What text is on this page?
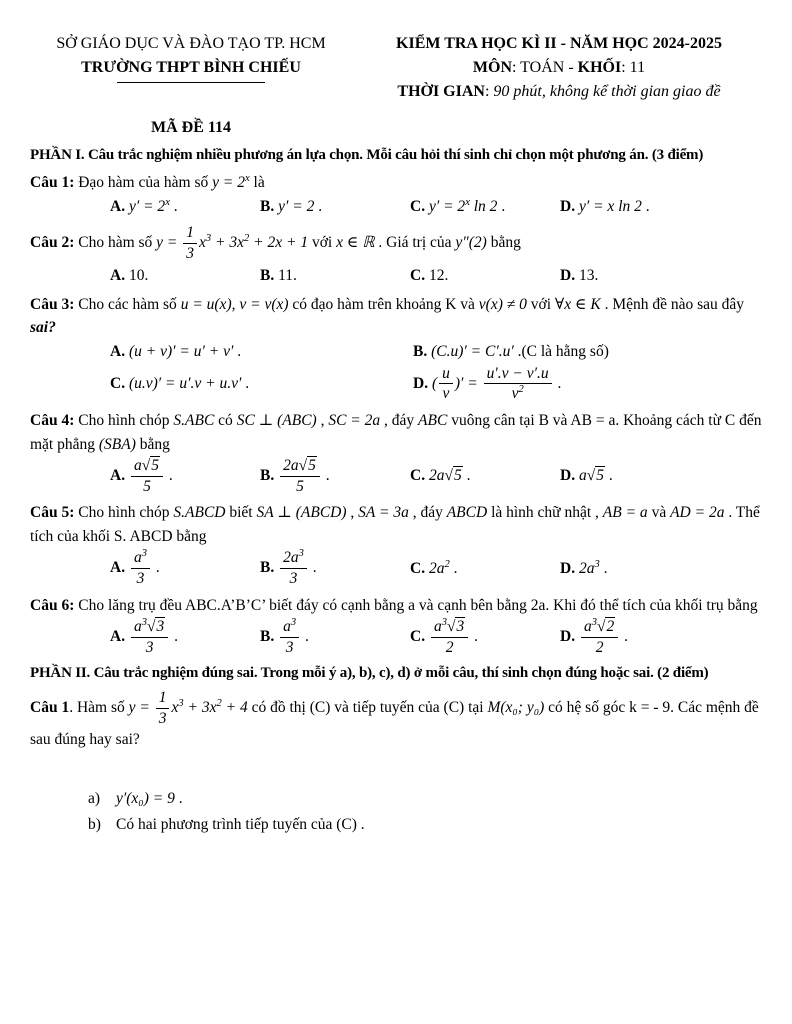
SỞ GIÁO DỤC VÀ ĐÀO TẠO TP. HCM
TRƯỜNG THPT BÌNH CHIẾU
KIỂM TRA HỌC KÌ II - NĂM HỌC 2024-2025
MÔN: TOÁN - KHỐI: 11
THỜI GIAN: 90 phút, không kể thời gian giao đề
MÃ ĐỀ 114
PHẦN I. Câu trắc nghiệm nhiều phương án lựa chọn. Mỗi câu hỏi thí sinh chỉ chọn một phương án. (3 điểm)
Câu 1: Đạo hàm của hàm số $y = 2^x$ là
A. $y' = 2^x$ .	B. y′ = 2 .	C. $y' = 2^x$ ln 2 .	D. y′ = x ln 2 .
Câu 2: Cho hàm số $y = \frac{1}{3} x^3 + 3x^2 + 2x + 1$ với x ∈ ℝ . Giá trị của y″(2) bằng
A. 10.	B. 11.	C. 12.	D. 13.
Câu 3: Cho các hàm số u = u(x), v = v(x) có đạo hàm trên khoảng K và v(x) ≠ 0 với ∀x ∈ K . Mệnh đề nào sau đây sai?
A. (u + v)′ = u′ + v′ .	B. (C.u)′ = C′.u′ .(C là hằng số)
C. (u.v)′ = u′.v + u.v′ .	D. ( $\frac{u}{v}$ )′ = $\frac{u'.v - v'.u}{v^2}$ .
Câu 4: Cho hình chóp S.ABC có SC ⊥ (ABC) , SC = 2a , đáy ABC vuông cân tại B và AB = a. Khoảng cách từ C đến mặt phẳng (SBA) bằng
A. $\frac{a√5}{5}$ .	B. $\frac{2a√5}{5}$ .	C. 2a√5 .	D. a√5 .
Câu 5: Cho hình chóp S.ABCD biết SA ⊥ (ABCD) , SA = 3a , đáy ABCD là hình chữ nhật , AB = a và AD = 2a . Thể tích của khối S. ABCD bằng
A. $\frac{a^3}{3}$ .	B. $\frac{2a^3}{3}$ .	C. $2a^2$ .	D. $2a^3$ .
Câu 6: Cho lăng trụ đều ABC.A’B’C’ biết đáy có cạnh bằng a và cạnh bên bằng 2a. Khi đó thể tích của khối trụ bằng
A. $\frac{a^3√3}{3}$ .	B. $\frac{a^3}{3}$ .	C. $\frac{a^3√3}{2}$ .	D. $\frac{a^3√2}{2}$ .
PHẦN II. Câu trắc nghiệm đúng sai. Trong mỗi ý a), b), c), d) ở mỗi câu, thí sinh chọn đúng hoặc sai. (2 điểm)
Câu 1. Hàm số $y = \frac{1}{3} x^3 + 3x^2 + 4$ có đồ thị (C) và tiếp tuyến của (C) tại M(x₀; y₀) có hệ số góc k = - 9. Các mệnh đề sau đúng hay sai?
a) y′(x₀) = 9 .
b) Có hai phương trình tiếp tuyến của (C) .
